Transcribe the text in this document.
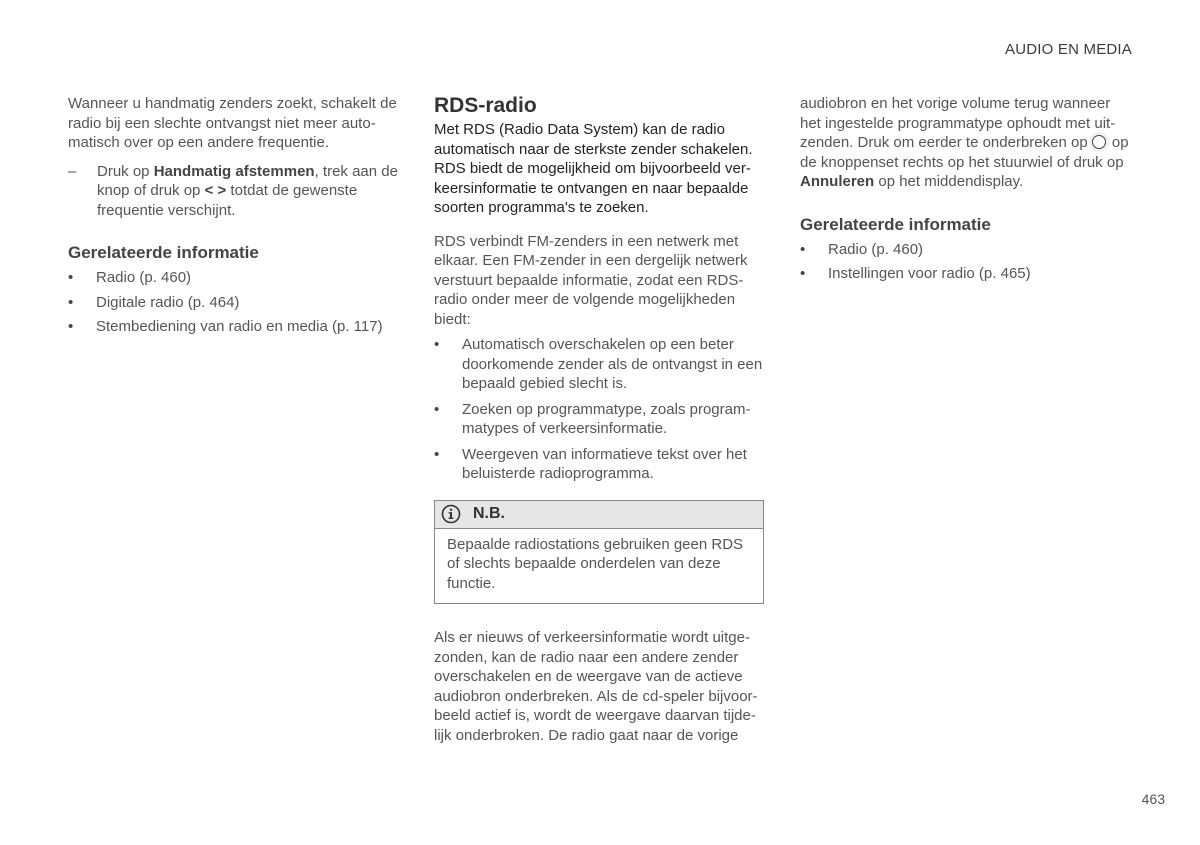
AUDIO EN MEDIA

Wanneer u handmatig zenders zoekt, schakelt de radio bij een slechte ontvangst niet meer auto-matisch over op een andere frequentie.

–	Druk op Handmatig afstemmen, trek aan de knop of druk op < > totdat de gewenste frequentie verschijnt.
Gerelateerde informatie
• Radio (p. 460)
• Digitale radio (p. 464)
• Stembediening van radio en media (p. 117)
RDS-radio

Met RDS (Radio Data System) kan de radio automatisch naar de sterkste zender schakelen. RDS biedt de mogelijkheid om bijvoorbeeld ver-keersinformatie te ontvangen en naar bepaalde soorten programma's te zoeken.

RDS verbindt FM-zenders in een netwerk met elkaar. Een FM-zender in een dergelijk netwerk verstuurt bepaalde informatie, zodat een RDS-radio onder meer de volgende mogelijkheden biedt:

• Automatisch overschakelen op een beter doorkomende zender als de ontvangst in een bepaald gebied slecht is.
• Zoeken op programmatype, zoals program-matypes of verkeersinformatie.
• Weergeven van informatieve tekst over het beluisterde radioprogramma.
N.B.

Bepaalde radiostations gebruiken geen RDS of slechts bepaalde onderdelen van deze functie.

Als er nieuws of verkeersinformatie wordt uitge-zonden, kan de radio naar een andere zender overschakelen en de weergave van de actieve audiobron onderbreken. Als de cd-speler bijvoor-beeld actief is, wordt de weergave daarvan tijde-lijk onderbroken. De radio gaat naar de vorige

audiobron en het vorige volume terug wanneer het ingestelde programmatype ophoudt met uit-zenden. Druk om eerder te onderbreken op op de knoppenset rechts op het stuurwiel of druk op Annuleren op het middendisplay.

Gerelateerde informatie
• Radio (p. 460)
• Instellingen voor radio (p. 465)
463
